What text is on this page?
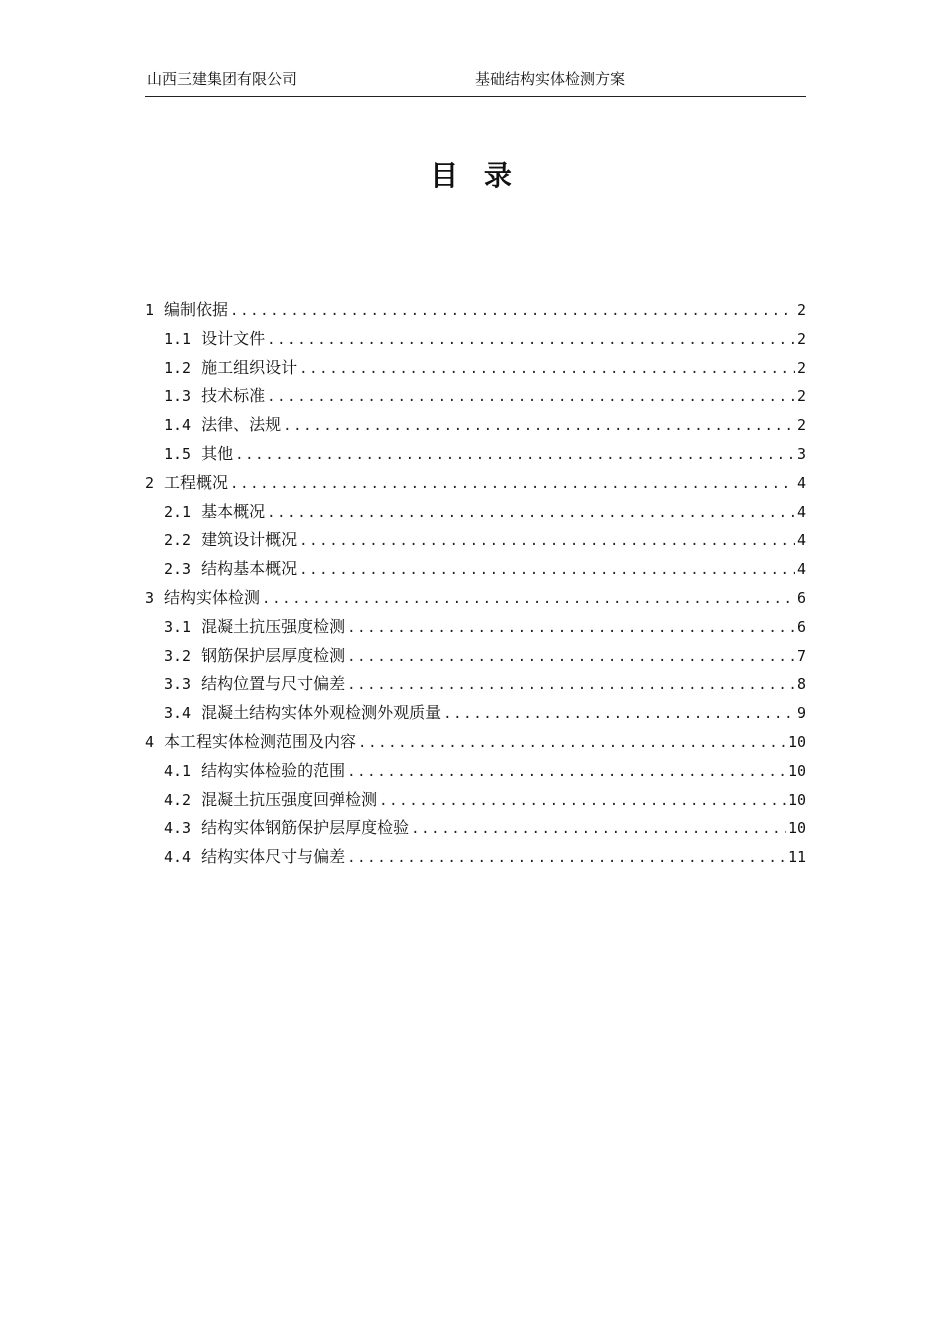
山西三建集团有限公司	基础结构实体检测方案
目 录
1 编制依据 .....	2
1.1 设计文件 .....	2
1.2 施工组织设计 .....	2
1.3 技术标准 .....	2
1.4 法律、法规 .....	2
1.5 其他 .....	3
2 工程概况 .....	4
2.1 基本概况 .....	4
2.2 建筑设计概况 .....	4
2.3 结构基本概况 .....	4
3 结构实体检测 .....	6
3.1 混凝土抗压强度检测 .....	6
3.2 钢筋保护层厚度检测 .....	7
3.3 结构位置与尺寸偏差 .....	8
3.4 混凝土结构实体外观检测外观质量 .....	9
4 本工程实体检测范围及内容 .....	10
4.1 结构实体检验的范围 .....	10
4.2 混凝土抗压强度回弹检测 .....	10
4.3 结构实体钢筋保护层厚度检验 .....	10
4.4 结构实体尺寸与偏差 .....	11
